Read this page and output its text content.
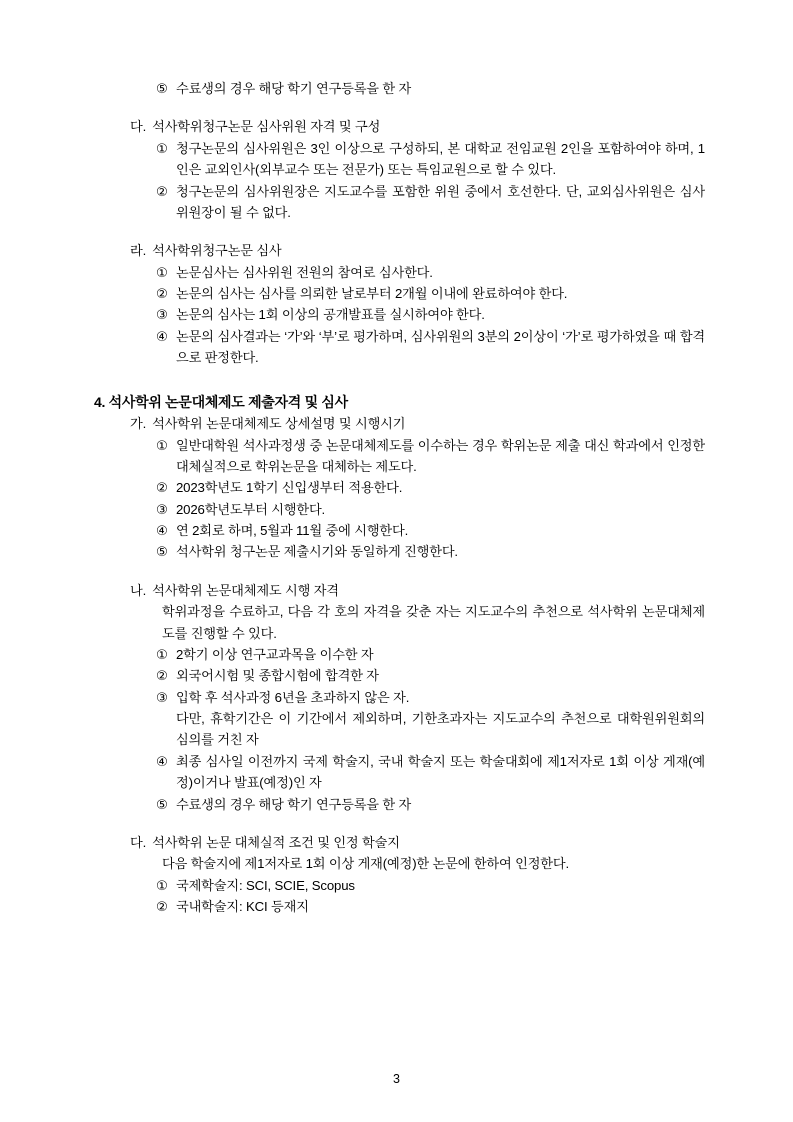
⑤ 수료생의 경우 해당 학기 연구등록을 한 자
다. 석사학위청구논문 심사위원 자격 및 구성
① 청구논문의 심사위원은 3인 이상으로 구성하되, 본 대학교 전임교원 2인을 포함하여야 하며, 1인은 교외인사(외부교수 또는 전문가) 또는 특임교원으로 할 수 있다.
② 청구논문의 심사위원장은 지도교수를 포함한 위원 중에서 호선한다. 단, 교외심사위원은 심사위원장이 될 수 없다.
라. 석사학위청구논문 심사
① 논문심사는 심사위원 전원의 참여로 심사한다.
② 논문의 심사는 심사를 의뢰한 날로부터 2개월 이내에 완료하여야 한다.
③ 논문의 심사는 1회 이상의 공개발표를 실시하여야 한다.
④ 논문의 심사결과는 ‘가’와 ‘부’로 평가하며, 심사위원의 3분의 2이상이 ‘가’로 평가하였을 때 합격으로 판정한다.
4. 석사학위 논문대체제도 제출자격 및 심사
가. 석사학위 논문대체제도 상세설명 및 시행시기
① 일반대학원 석사과정생 중 논문대체제도를 이수하는 경우 학위논문 제출 대신 학과에서 인정한 대체실적으로 학위논문을 대체하는 제도다.
② 2023학년도 1학기 신입생부터 적용한다.
③ 2026학년도부터 시행한다.
④ 연 2회로 하며, 5월과 11월 중에 시행한다.
⑤ 석사학위 청구논문 제출시기와 동일하게 진행한다.
나. 석사학위 논문대체제도 시행 자격
학위과정을 수료하고, 다음 각 호의 자격을 갖춘 자는 지도교수의 추천으로 석사학위 논문대체제도를 진행할 수 있다.
① 2학기 이상 연구교과목을 이수한 자
② 외국어시험 및 종합시험에 합격한 자
③ 입학 후 석사과정 6년을 초과하지 않은 자.
다만, 휴학기간은 이 기간에서 제외하며, 기한초과자는 지도교수의 추천으로 대학원위원회의 심의를 거친 자
④ 최종 심사일 이전까지 국제 학술지, 국내 학술지 또는 학술대회에 제1저자로 1회 이상 게재(예정)이거나 발표(예정)인 자
⑤ 수료생의 경우 해당 학기 연구등록을 한 자
다. 석사학위 논문 대체실적 조건 및 인정 학술지
다음 학술지에 제1저자로 1회 이상 게재(예정)한 논문에 한하여 인정한다.
① 국제학술지: SCI, SCIE, Scopus
② 국내학술지: KCI 등재지
3
